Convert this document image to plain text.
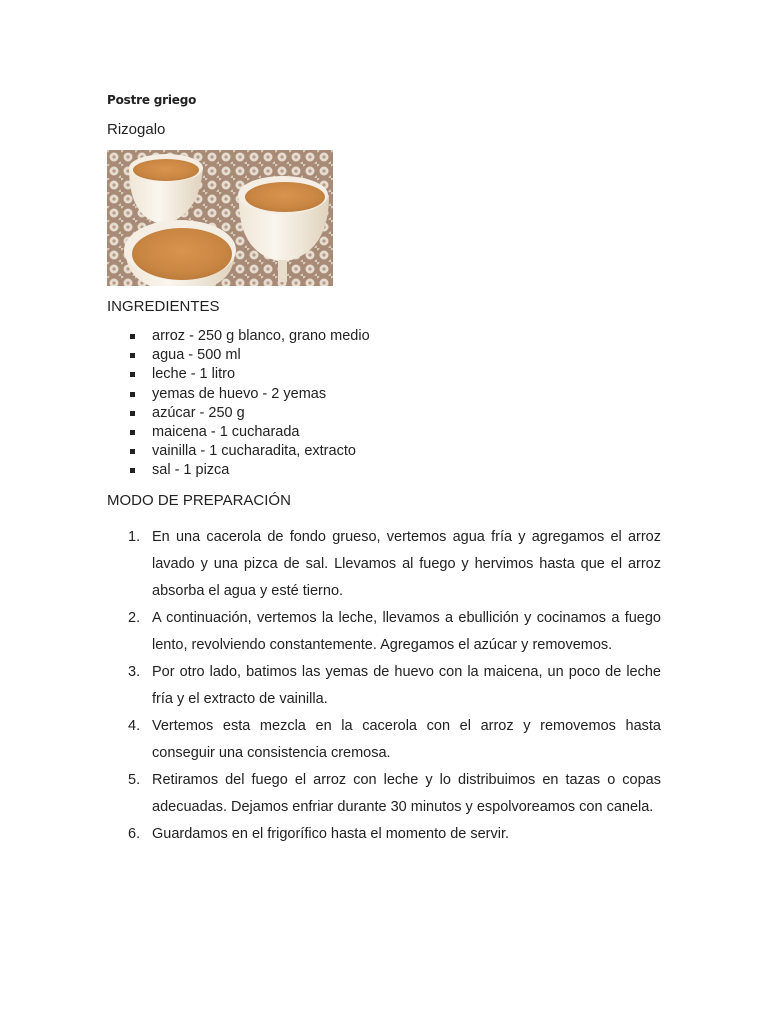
Postre griego
Rizogalo
INGREDIENTES
arroz - 250 g blanco, grano medio
agua - 500 ml
leche - 1 litro
yemas de huevo - 2 yemas
azúcar - 250 g
maicena - 1 cucharada
vainilla - 1 cucharadita, extracto
sal - 1 pizca
MODO DE PREPARACIÓN
1. En una cacerola de fondo grueso, vertemos agua fría y agregamos el arroz lavado y una pizca de sal. Llevamos al fuego y hervimos hasta que el arroz absorba el agua y esté tierno.
2. A continuación, vertemos la leche, llevamos a ebullición y cocinamos a fuego lento, revolviendo constantemente. Agregamos el azúcar y removemos.
3. Por otro lado, batimos las yemas de huevo con la maicena, un poco de leche fría y el extracto de vainilla.
4. Vertemos esta mezcla en la cacerola con el arroz y removemos hasta conseguir una consistencia cremosa.
5. Retiramos del fuego el arroz con leche y lo distribuimos en tazas o copas adecuadas. Dejamos enfriar durante 30 minutos y espolvoreamos con canela.
6. Guardamos en el frigorífico hasta el momento de servir.
